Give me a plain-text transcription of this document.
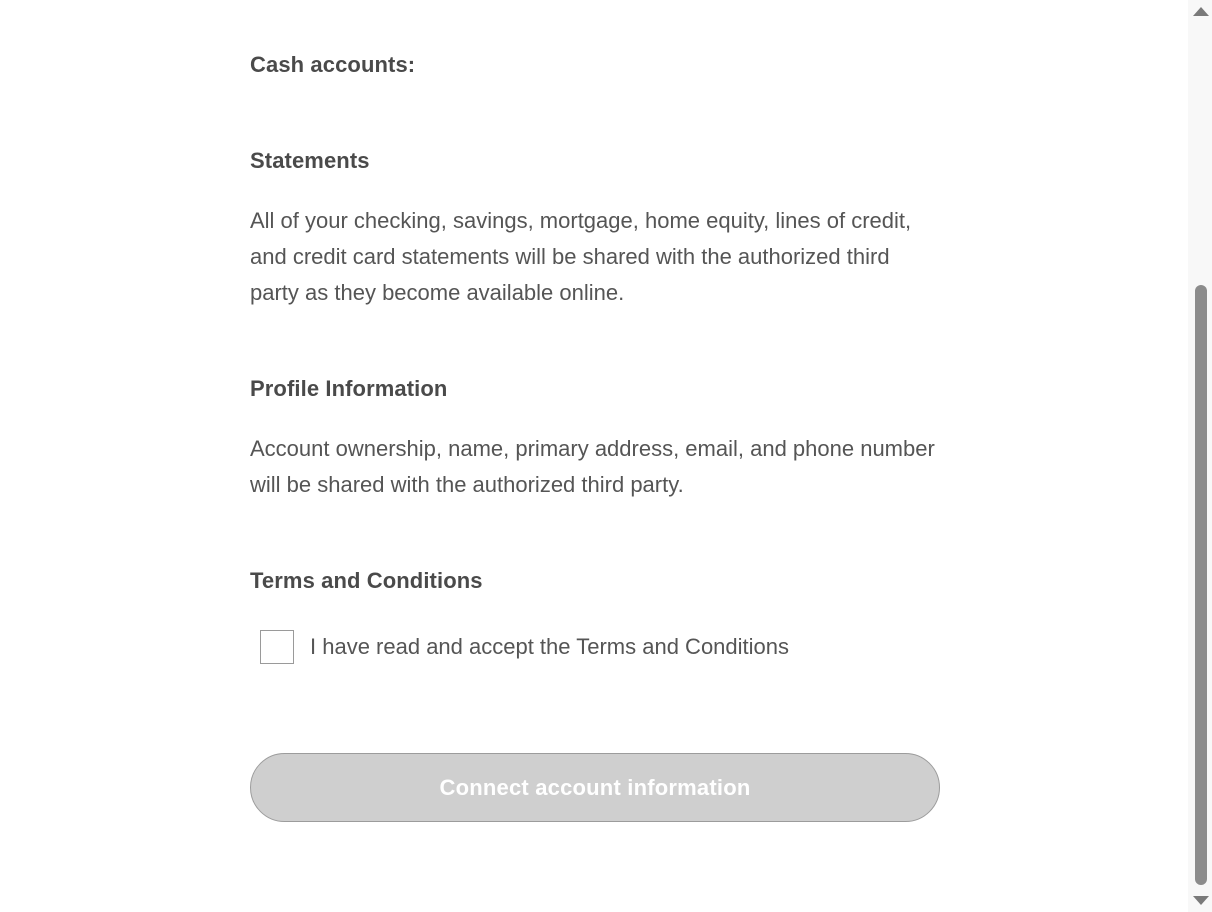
Cash accounts:
Statements

All of your checking, savings, mortgage, home equity, lines of credit, and credit card statements will be shared with the authorized third party as they become available online.

Profile Information

Account ownership, name, primary address, email, and phone number will be shared with the authorized third party.

Terms and Conditions
I have read and accept the Terms and Conditions
Connect account information
